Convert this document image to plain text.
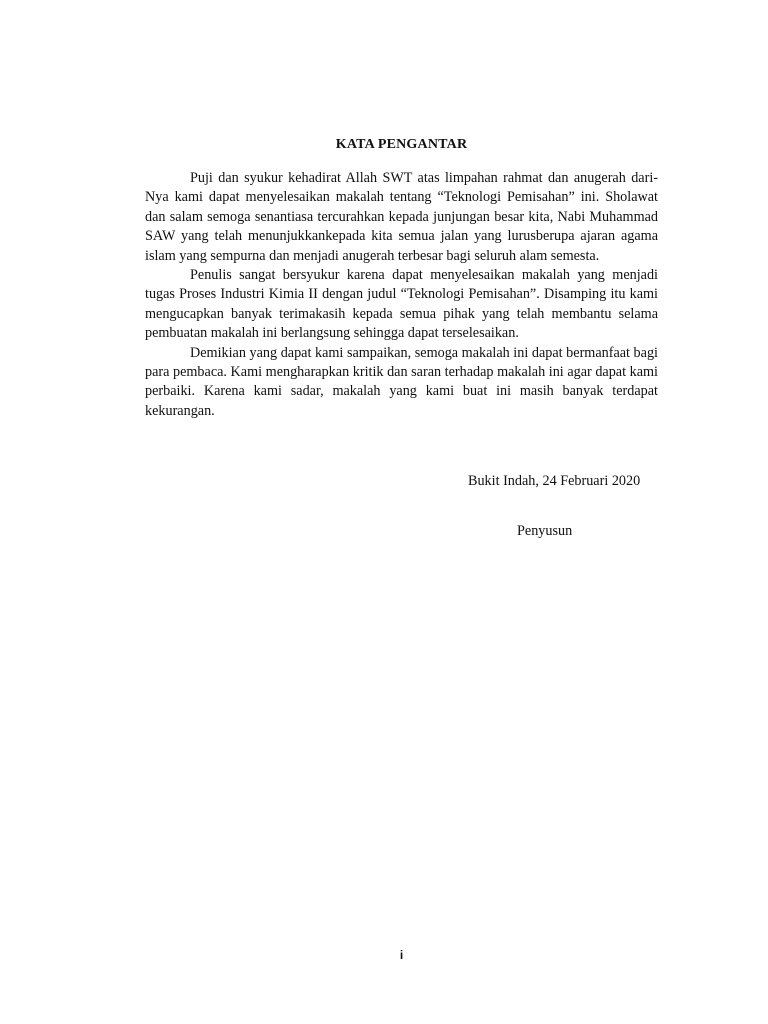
KATA PENGANTAR

Puji dan syukur kehadirat Allah SWT atas limpahan rahmat dan anugerah dari-Nya kami dapat menyelesaikan makalah tentang “Teknologi Pemisahan” ini. Sholawat dan salam semoga senantiasa tercurahkan kepada junjungan besar kita, Nabi Muhammad SAW yang telah menunjukkankepada kita semua jalan yang lurusberupa ajaran agama islam yang sempurna dan menjadi anugerah terbesar bagi seluruh alam semesta.

Penulis sangat bersyukur karena dapat menyelesaikan makalah yang menjadi tugas Proses Industri Kimia II dengan judul “Teknologi Pemisahan”. Disamping itu kami mengucapkan banyak terimakasih kepada semua pihak yang telah membantu selama pembuatan makalah ini berlangsung sehingga dapat terselesaikan.

Demikian yang dapat kami sampaikan, semoga makalah ini dapat bermanfaat bagi para pembaca. Kami mengharapkan kritik dan saran terhadap makalah ini agar dapat kami perbaiki. Karena kami sadar, makalah yang kami buat ini masih banyak terdapat kekurangan.

Bukit Indah, 24 Februari 2020
Penyusun
i
